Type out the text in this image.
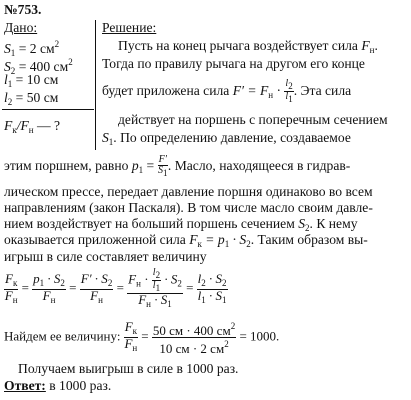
№753.
Дано:
$S_1 = 2$ $см^2$
$S_2 = 400$ $см^2$
$l_1 = 10$ см
$l_2 = 50$ см
$F_к/F_н$ — ?
Решение:
Пусть на конец рычага воздействует сила $F_н$.
Тогда по правилу рычага на другом его конце
будет приложена сила $F' = F_н \cdot \frac{l2}{l1}$ . Эта сила
действует на поршень с поперечным сечением
$S_1$. По определению давление, создаваемое
этим поршнем, равно $p_1 = \frac{F'}{S1}$ . Масло, находящееся в гидрав-
лическом прессе, передает давление поршня одинаково во всем
направлениям (закон Паскаля). В том числе масло своим давле-
нием воздействует на больший поршень сечением $S_2$. К нему
оказывается приложенной сила $F_к = p_1 \cdot S_2$. Таким образом вы-
игрыш в силе составляет величину
$\frac{F_к}{F_н} = \frac{p_1 \cdot S_2}{F_н} = \frac{F' \cdot S_2}{F_н} = \frac{F_н \cdot \frac{l2}{l1} \cdot S_2}{F_н \cdot S_1} = \frac{l_2 \cdot S_2}{l_1 \cdot S_1}$
Найдем ее величину: $\frac{F_к}{F_н} = \frac{50 см \cdot 400 см^2}{10 см \cdot 2 см^2} = 1000$.
Получаем выигрыш в силе в 1000 раз.
Ответ: в 1000 раз.
